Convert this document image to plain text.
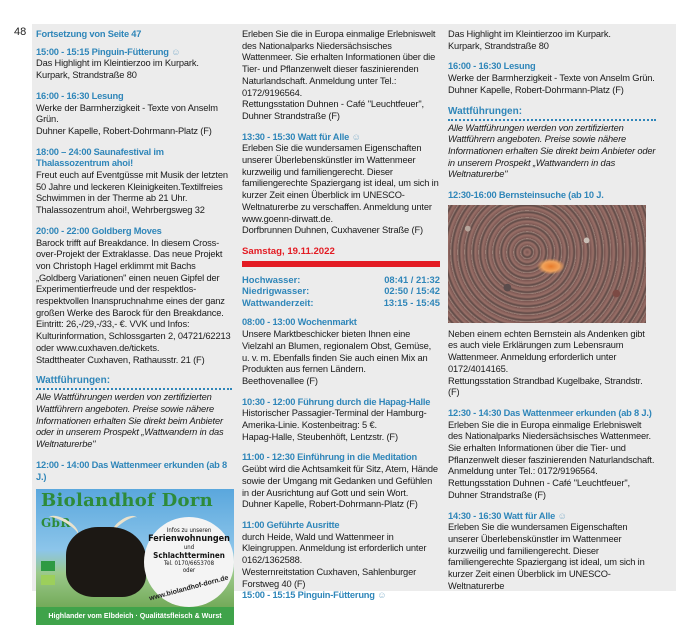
48 Fortsetzung von Seite 47
15:00 - 15:15 Pinguin-Fütterung ☺
Das Highlight im Kleintierzoo im Kurpark.
Kurpark, Strandstraße 80
16:00 - 16:30 Lesung
Werke der Barmherzigkeit - Texte von Anselm Grün.
Duhner Kapelle, Robert-Dohrmann-Platz (F)
18:00 – 24:00 Saunafestival im Thalassozentrum ahoi!
Freut euch auf Eventgüsse mit Musik der letzten 50 Jahre und leckeren Kleinigkeiten.Textilfreies Schwimmen in der Therme ab 21 Uhr.
Thalassozentrum ahoi!, Wehrbergsweg 32
20:00 - 22:00 Goldberg Moves
Barock trifft auf Breakdance. In diesem Cross-over-Projekt der Extraklasse. Das neue Projekt von Christoph Hagel erklimmt mit Bachs „Goldberg Variationen" einen neuen Gipfel der Experimentierfreude und der respektlos-respektvollen Inanspruchnahme eines der ganz großen Werke des Barock für den Breakdance. Eintritt: 26,-/29,-/33,- €. VVK und Infos: Kulturinformation, Schlossgarten 2, 04721/62213 oder www.cuxhaven.de/tickets.
Stadttheater Cuxhaven, Rathausstr. 21 (F)
Wattführungen:
Alle Wattführungen werden von zertifizierten Wattführern angeboten. Preise sowie nähere Informationen erhalten Sie direkt beim Anbieter oder in unserem Prospekt „Wattwandern in das Weltnaturerbe"
12:00 - 14:00 Das Wattenmeer erkunden (ab 8 J.)
Biolandhof Dorn GbR
Infos zu unseren
Ferienwohnungen
und
Schlachtterminen
Tel. 0170/6653708
oder
www.biolandhof-dorn.de
Highlander vom Elbdeich · Qualitätsfleisch & Wurst
Erleben Sie die in Europa einmalige Erlebniswelt des Nationalparks Niedersächsisches Wattenmeer. Sie erhalten Informationen über die Tier- und Pflanzenwelt dieser faszinierenden Naturlandschaft. Anmeldung unter Tel.: 0172/9196564.
Rettungsstation Duhnen - Café "Leuchtfeuer", Duhner Strandstraße (F)
13:30 - 15:30 Watt für Alle ☺
Erleben Sie die wundersamen Eigenschaften unserer Überlebenskünstler im Wattenmeer kurzweilig und familiengerecht. Dieser familiengerechte Spaziergang ist ideal, um sich in kurzer Zeit einen Überblick im UNESCO-Weltnaturerbe zu verschaffen. Anmeldung unter www.goenn-dirwatt.de.
Dorfbrunnen Duhnen, Cuxhavener Straße (F)
Samstag, 19.11.2022
Hochwasser:	08:41 / 21:32
Niedrigwasser:	02:50 / 15:42
Wattwanderzeit:	13:15 - 15:45
08:00 - 13:00 Wochenmarkt
Unsere Marktbeschicker bieten Ihnen eine Vielzahl an Blumen, regionalem Obst, Gemüse, u. v. m. Ebenfalls finden Sie auch einen Mix an Produkten aus fernen Ländern.
Beethovenallee (F)
10:30 - 12:00 Führung durch die Hapag-Halle
Historischer Passagier-Terminal der Hamburg-Amerika-Linie. Kostenbeitrag: 5 €.
Hapag-Halle, Steubenhöft, Lentzstr. (F)
11:00 - 12:30 Einführung in die Meditation
Geübt wird die Achtsamkeit für Sitz, Atem, Hände sowie der Umgang mit Gedanken und Gefühlen in der Ausrichtung auf Gott und sein Wort.
Duhner Kapelle, Robert-Dohrmann-Platz (F)
11:00 Geführte Ausritte
durch Heide, Wald und Wattenmeer in Kleingruppen. Anmeldung ist erforderlich unter 0162/1362588.
Westernreitstation Cuxhaven, Sahlenburger Forstweg 40 (F)
15:00 - 15:15 Pinguin-Fütterung ☺
Das Highlight im Kleintierzoo im Kurpark.
Kurpark, Strandstraße 80
16:00 - 16:30 Lesung
Werke der Barmherzigkeit - Texte von Anselm Grün.
Duhner Kapelle, Robert-Dohrmann-Platz (F)
Wattführungen:
Alle Wattführungen werden von zertifizierten Wattführern angeboten. Preise sowie nähere Informationen erhalten Sie direkt beim Anbieter oder in unserem Prospekt „Wattwandern in das Weltnaturerbe"
12:30-16:00 Bernsteinsuche (ab 10 J.
Neben einem echten Bernstein als Andenken gibt es auch viele Erklärungen zum Lebensraum Wattenmeer. Anmeldung erforderlich unter 0172/4014165.
Rettungsstation Strandbad Kugelbake, Strandstr. (F)
12:30 - 14:30 Das Wattenmeer erkunden (ab 8 J.)
Erleben Sie die in Europa einmalige Erlebniswelt des Nationalparks Niedersächsisches Wattenmeer. Sie erhalten Informationen über die Tier- und Pflanzenwelt dieser faszinierenden Naturlandschaft. Anmeldung unter Tel.: 0172/9196564.
Rettungsstation Duhnen - Café "Leuchtfeuer", Duhner Strandstraße (F)
14:30 - 16:30 Watt für Alle ☺
Erleben Sie die wundersamen Eigenschaften unserer Überlebenskünstler im Wattenmeer kurzweilig und familiengerecht. Dieser familiengerechte Spaziergang ist ideal, um sich in kurzer Zeit einen Überblick im UNESCO-Weltnaturerbe
